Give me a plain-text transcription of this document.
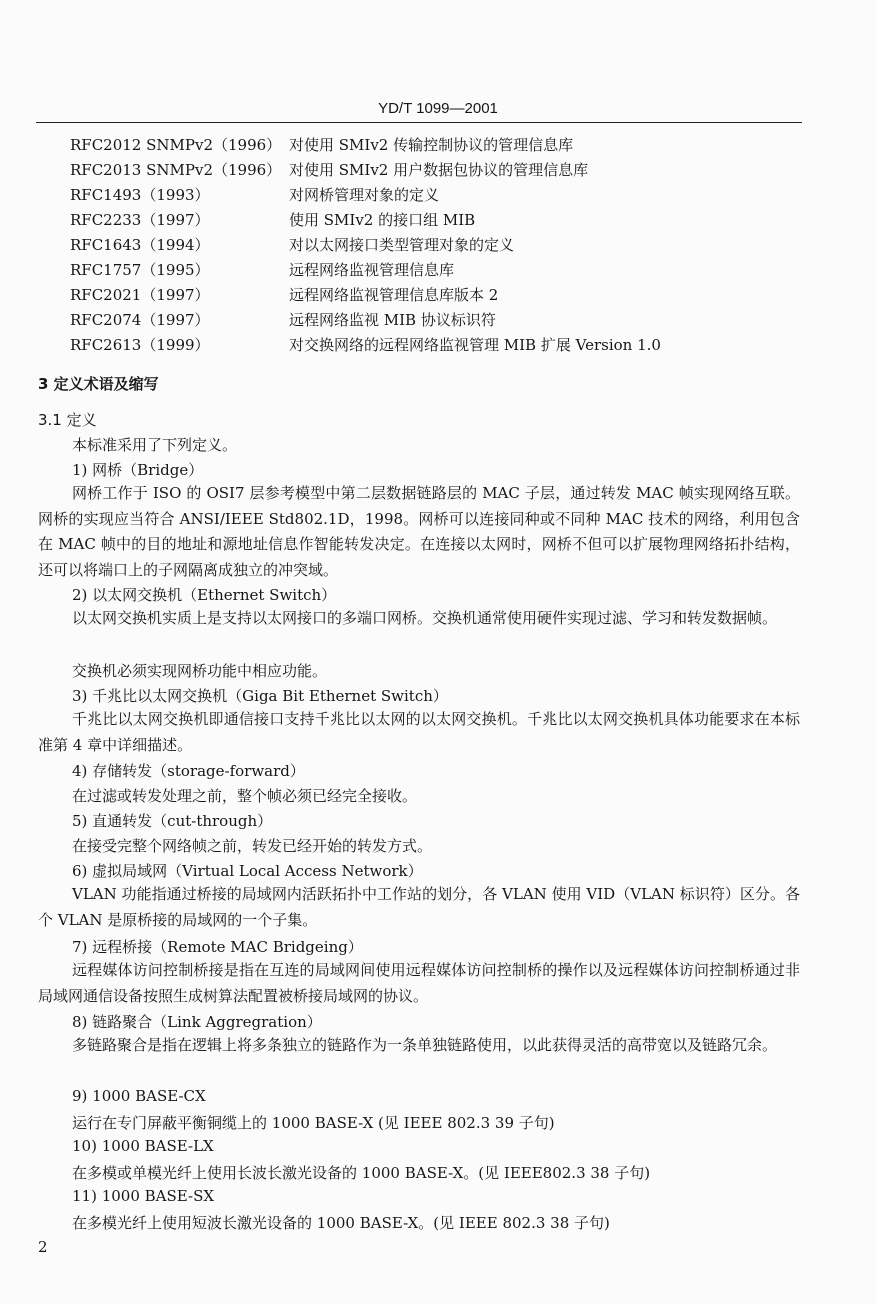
YD/T 1099—2001
RFC2012 SNMPv2（1996） 对使用 SMIv2 传输控制协议的管理信息库
RFC2013 SNMPv2（1996） 对使用 SMIv2 用户数据包协议的管理信息库
RFC1493（1993）	对网桥管理对象的定义
RFC2233（1997）	使用 SMIv2 的接口组 MIB
RFC1643（1994）	对以太网接口类型管理对象的定义
RFC1757（1995）	远程网络监视管理信息库
RFC2021（1997）	远程网络监视管理信息库版本 2
RFC2074（1997）	远程网络监视 MIB 协议标识符
RFC2613（1999）	对交换网络的远程网络监视管理 MIB 扩展 Version 1.0
3 定义术语及缩写
3.1 定义
本标准采用了下列定义。
1) 网桥（Bridge）

网桥工作于 ISO 的 OSI7 层参考模型中第二层数据链路层的 MAC 子层，通过转发 MAC 帧实现网络互联。网桥的实现应当符合 ANSI/IEEE Std802.1D，1998。网桥可以连接同种或不同种 MAC 技术的网络，利用包含在 MAC 帧中的目的地址和源地址信息作智能转发决定。在连接以太网时，网桥不但可以扩展物理网络拓扑结构，还可以将端口上的子网隔离成独立的冲突域。

2) 以太网交换机（Ethernet Switch）

以太网交换机实质上是支持以太网接口的多端口网桥。交换机通常使用硬件实现过滤、学习和转发数据帧。

交换机必须实现网桥功能中相应功能。
3) 千兆比以太网交换机（Giga Bit Ethernet Switch）

千兆比以太网交换机即通信接口支持千兆比以太网的以太网交换机。千兆比以太网交换机具体功能要求在本标准第 4 章中详细描述。

4) 存储转发（storage-forward）
在过滤或转发处理之前，整个帧必须已经完全接收。
5) 直通转发（cut-through）
在接受完整个网络帧之前，转发已经开始的转发方式。
6) 虚拟局域网（Virtual Local Access Network）

VLAN 功能指通过桥接的局域网内活跃拓扑中工作站的划分，各 VLAN 使用 VID（VLAN 标识符）区分。各个 VLAN 是原桥接的局域网的一个子集。

7) 远程桥接（Remote MAC Bridgeing）

远程媒体访问控制桥接是指在互连的局域网间使用远程媒体访问控制桥的操作以及远程媒体访问控制桥通过非局域网通信设备按照生成树算法配置被桥接局域网的协议。

8) 链路聚合（Link Aggregration）

多链路聚合是指在逻辑上将多条独立的链路作为一条单独链路使用，以此获得灵活的高带宽以及链路冗余。

9) 1000 BASE-CX
运行在专门屏蔽平衡铜缆上的 1000 BASE-X (见 IEEE 802.3 39 子句)
10) 1000 BASE-LX
在多模或单模光纤上使用长波长激光设备的 1000 BASE-X。(见 IEEE802.3 38 子句)
11) 1000 BASE-SX
在多模光纤上使用短波长激光设备的 1000 BASE-X。(见 IEEE 802.3 38 子句)
2
